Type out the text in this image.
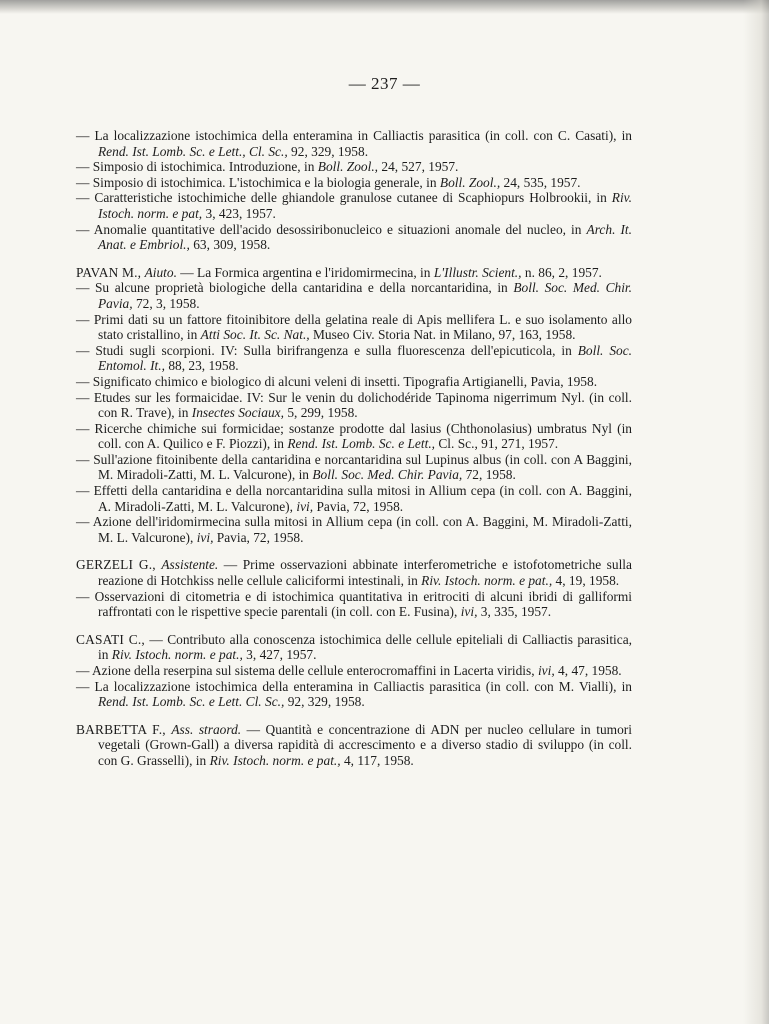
— 237 —

— La localizzazione istochimica della enteramina in Calliactis parasitica (in coll. con C. Casati), in Rend. Ist. Lomb. Sc. e Lett., Cl. Sc., 92, 329, 1958.

— Simposio di istochimica. Introduzione, in Boll. Zool., 24, 527, 1957.

— Simposio di istochimica. L'istochimica e la biologia generale, in Boll. Zool., 24, 535, 1957.

— Caratteristiche istochimiche delle ghiandole granulose cutanee di Scaphiopurs Holbrookii, in Riv. Istoch. norm. e pat, 3, 423, 1957.

— Anomalie quantitative dell'acido desossiribonucleico e situazioni anomale del nucleo, in Arch. It. Anat. e Embriol., 63, 309, 1958.

PAVAN M., Aiuto. — La Formica argentina e l'iridomirmecina, in L'Illustr. Scient., n. 86, 2, 1957.

— Su alcune proprietà biologiche della cantaridina e della norcantaridina, in Boll. Soc. Med. Chir. Pavia, 72, 3, 1958.

— Primi dati su un fattore fitoinibitore della gelatina reale di Apis mellifera L. e suo isolamento allo stato cristallino, in Atti Soc. It. Sc. Nat., Museo Civ. Storia Nat. in Milano, 97, 163, 1958.

— Studi sugli scorpioni. IV: Sulla birifrangenza e sulla fluorescenza dell'epicuticola, in Boll. Soc. Entomol. It., 88, 23, 1958.

— Significato chimico e biologico di alcuni veleni di insetti. Tipografia Artigianelli, Pavia, 1958.

— Etudes sur les formaicidae. IV: Sur le venin du dolichodéride Tapinoma nigerrimum Nyl. (in coll. con R. Trave), in Insectes Sociaux, 5, 299, 1958.

— Ricerche chimiche sui formicidae; sostanze prodotte dal lasius (Chthonolasius) umbratus Nyl (in coll. con A. Quilico e F. Piozzi), in Rend. Ist. Lomb. Sc. e Lett., Cl. Sc., 91, 271, 1957.

— Sull'azione fitoinibente della cantaridina e norcantaridina sul Lupinus albus (in coll. con A Baggini, M. Miradoli-Zatti, M. L. Valcurone), in Boll. Soc. Med. Chir. Pavia, 72, 1958.

— Effetti della cantaridina e della norcantaridina sulla mitosi in Allium cepa (in coll. con A. Baggini, A. Miradoli-Zatti, M. L. Valcurone), ivi, Pavia, 72, 1958.

— Azione dell'iridomirmecina sulla mitosi in Allium cepa (in coll. con A. Baggini, M. Miradoli-Zatti, M. L. Valcurone), ivi, Pavia, 72, 1958.

GERZELI G., Assistente. — Prime osservazioni abbinate interferometriche e istofotometriche sulla reazione di Hotchkiss nelle cellule caliciformi intestinali, in Riv. Istoch. norm. e pat., 4, 19, 1958.

— Osservazioni di citometria e di istochimica quantitativa in eritrociti di alcuni ibridi di galliformi raffrontati con le rispettive specie parentali (in coll. con E. Fusina), ivi, 3, 335, 1957.

CASATI C., — Contributo alla conoscenza istochimica delle cellule epiteliali di Calliactis parasitica, in Riv. Istoch. norm. e pat., 3, 427, 1957.

— Azione della reserpina sul sistema delle cellule enterocromaffini in Lacerta viridis, ivi, 4, 47, 1958.

— La localizzazione istochimica della enteramina in Calliactis parasitica (in coll. con M. Vialli), in Rend. Ist. Lomb. Sc. e Lett. Cl. Sc., 92, 329, 1958.

BARBETTA F., Ass. straord. — Quantità e concentrazione di ADN per nucleo cellulare in tumori vegetali (Grown-Gall) a diversa rapidità di accrescimento e a diverso stadio di sviluppo (in coll. con G. Grasselli), in Riv. Istoch. norm. e pat., 4, 117, 1958.
